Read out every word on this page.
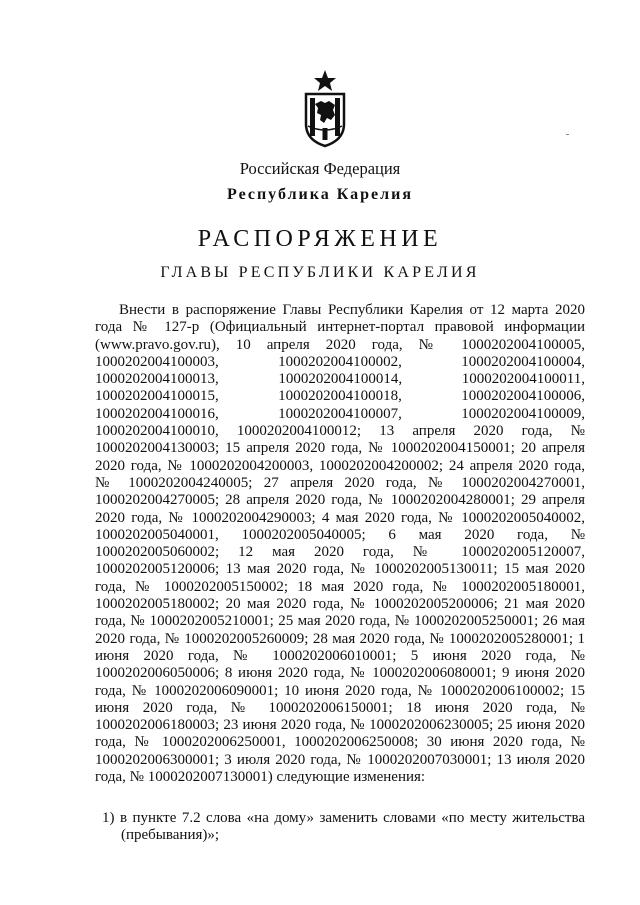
Российская Федерация
Республика Карелия
РАСПОРЯЖЕНИЕ
ГЛАВЫ РЕСПУБЛИКИ КАРЕЛИЯ

Внести в распоряжение Главы Республики Карелия от 12 марта 2020 года № 127-р (Официальный интернет-портал правовой информации (www.pravo.gov.ru), 10 апреля 2020 года, № 1000202004100005, 1000202004100003, 1000202004100002, 1000202004100004, 1000202004100013, 1000202004100014, 1000202004100011, 1000202004100015, 1000202004100018, 1000202004100006, 1000202004100016, 1000202004100007, 1000202004100009, 1000202004100010, 1000202004100012; 13 апреля 2020 года, № 1000202004130003; 15 апреля 2020 года, № 1000202004150001; 20 апреля 2020 года, № 1000202004200003, 1000202004200002; 24 апреля 2020 года, № 1000202004240005; 27 апреля 2020 года, № 1000202004270001, 1000202004270005; 28 апреля 2020 года, № 1000202004280001; 29 апреля 2020 года, № 1000202004290003; 4 мая 2020 года, № 1000202005040002, 1000202005040001, 1000202005040005; 6 мая 2020 года, № 1000202005060002; 12 мая 2020 года, № 1000202005120007, 1000202005120006; 13 мая 2020 года, № 1000202005130011; 15 мая 2020 года, № 1000202005150002; 18 мая 2020 года, № 1000202005180001, 1000202005180002; 20 мая 2020 года, № 1000202005200006; 21 мая 2020 года, № 1000202005210001; 25 мая 2020 года, № 1000202005250001; 26 мая 2020 года, № 1000202005260009; 28 мая 2020 года, № 1000202005280001; 1 июня 2020 года, № 1000202006010001; 5 июня 2020 года, № 1000202006050006; 8 июня 2020 года, № 1000202006080001; 9 июня 2020 года, № 1000202006090001; 10 июня 2020 года, № 1000202006100002; 15 июня 2020 года, № 1000202006150001; 18 июня 2020 года, № 1000202006180003; 23 июня 2020 года, № 1000202006230005; 25 июня 2020 года, № 1000202006250001, 1000202006250008; 30 июня 2020 года, № 1000202006300001; 3 июля 2020 года, № 1000202007030001; 13 июля 2020 года, № 1000202007130001) следующие изменения:

1) в пункте 7.2 слова «на дому» заменить словами «по месту жительства (пребывания)»;
